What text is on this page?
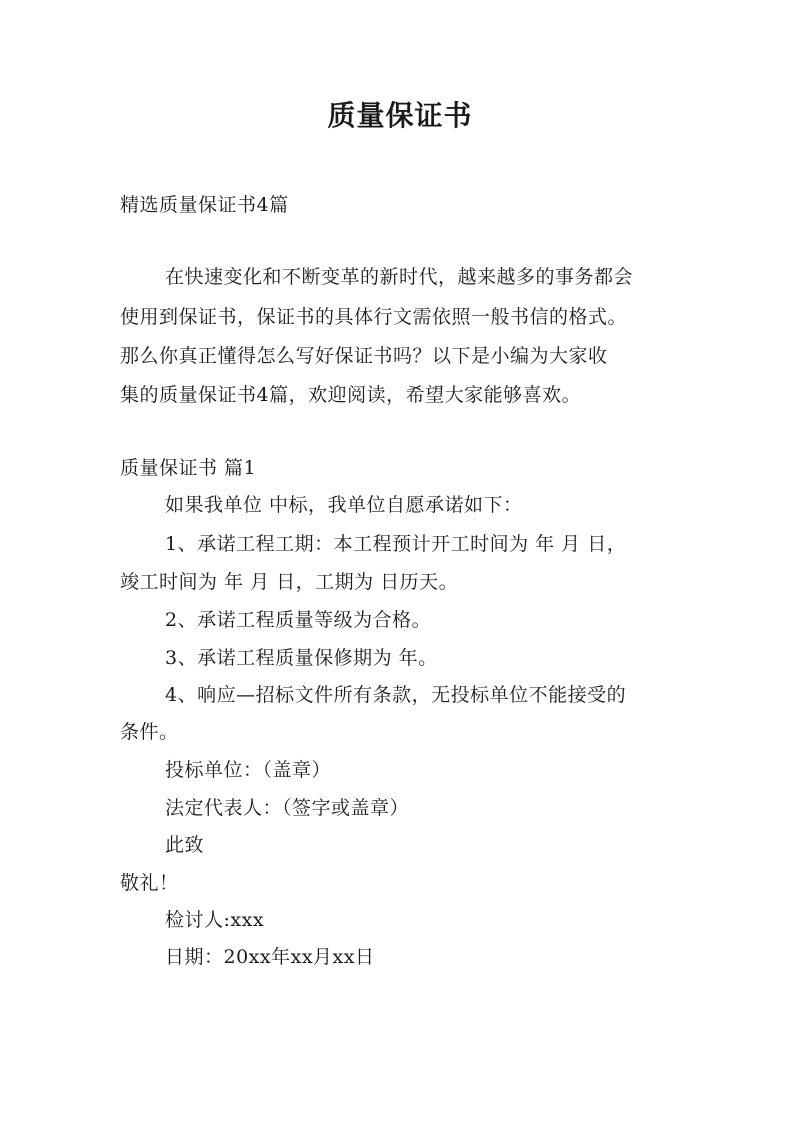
质量保证书
精选质量保证书4篇
在快速变化和不断变革的新时代，越来越多的事务都会
使用到保证书，保证书的具体行文需依照一般书信的格式。
那么你真正懂得怎么写好保证书吗？以下是小编为大家收
集的质量保证书4篇，欢迎阅读，希望大家能够喜欢。
质量保证书 篇1
如果我单位 中标，我单位自愿承诺如下：
1、承诺工程工期：本工程预计开工时间为 年 月 日，
竣工时间为 年 月 日，工期为 日历天。
2、承诺工程质量等级为合格。
3、承诺工程质量保修期为 年。
4、响应—招标文件所有条款，无投标单位不能接受的
条件。
投标单位：（盖章）
法定代表人：（签字或盖章）
此致
敬礼！
检讨人:xxx
日期：20xx年xx月xx日
